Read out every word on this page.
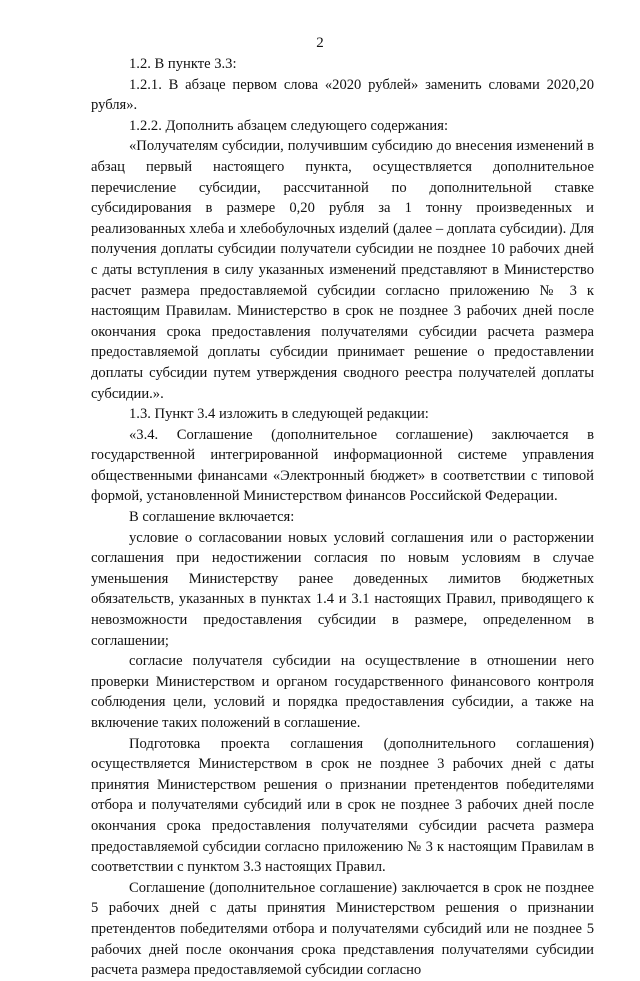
2

1.2. В пункте 3.3:

1.2.1. В абзаце первом слова «2020 рублей» заменить словами 2020,20 рубля».

1.2.2. Дополнить абзацем следующего содержания:

«Получателям субсидии, получившим субсидию до внесения изменений в абзац первый настоящего пункта, осуществляется дополнительное перечисление субсидии, рассчитанной по дополнительной ставке субсидирования в размере 0,20 рубля за 1 тонну произведенных и реализованных хлеба и хлебобулочных изделий (далее – доплата субсидии). Для получения доплаты субсидии получатели субсидии не позднее 10 рабочих дней с даты вступления в силу указанных изменений представляют в Министерство расчет размера предоставляемой субсидии согласно приложению № 3 к настоящим Правилам. Министерство в срок не позднее 3 рабочих дней после окончания срока предоставления получателями субсидии расчета размера предоставляемой доплаты субсидии принимает решение о предоставлении доплаты субсидии путем утверждения сводного реестра получателей доплаты субсидии.».

1.3. Пункт 3.4 изложить в следующей редакции:

«3.4. Соглашение (дополнительное соглашение) заключается в государственной интегрированной информационной системе управления общественными финансами «Электронный бюджет» в соответствии с типовой формой, установленной Министерством финансов Российской Федерации.

В соглашение включается:

условие о согласовании новых условий соглашения или о расторжении соглашения при недостижении согласия по новым условиям в случае уменьшения Министерству ранее доведенных лимитов бюджетных обязательств, указанных в пунктах 1.4 и 3.1 настоящих Правил, приводящего к невозможности предоставления субсидии в размере, определенном в соглашении;

согласие получателя субсидии на осуществление в отношении него проверки Министерством и органом государственного финансового контроля соблюдения цели, условий и порядка предоставления субсидии, а также на включение таких положений в соглашение.

Подготовка проекта соглашения (дополнительного соглашения) осуществляется Министерством в срок не позднее 3 рабочих дней с даты принятия Министерством решения о признании претендентов победителями отбора и получателями субсидий или в срок не позднее 3 рабочих дней после окончания срока предоставления получателями субсидии расчета размера предоставляемой субсидии согласно приложению № 3 к настоящим Правилам в соответствии с пунктом 3.3 настоящих Правил.

Соглашение (дополнительное соглашение) заключается в срок не позднее 5 рабочих дней с даты принятия Министерством решения о признании претендентов победителями отбора и получателями субсидий или не позднее 5 рабочих дней после окончания срока представления получателями субсидии расчета размера предоставляемой субсидии согласно
